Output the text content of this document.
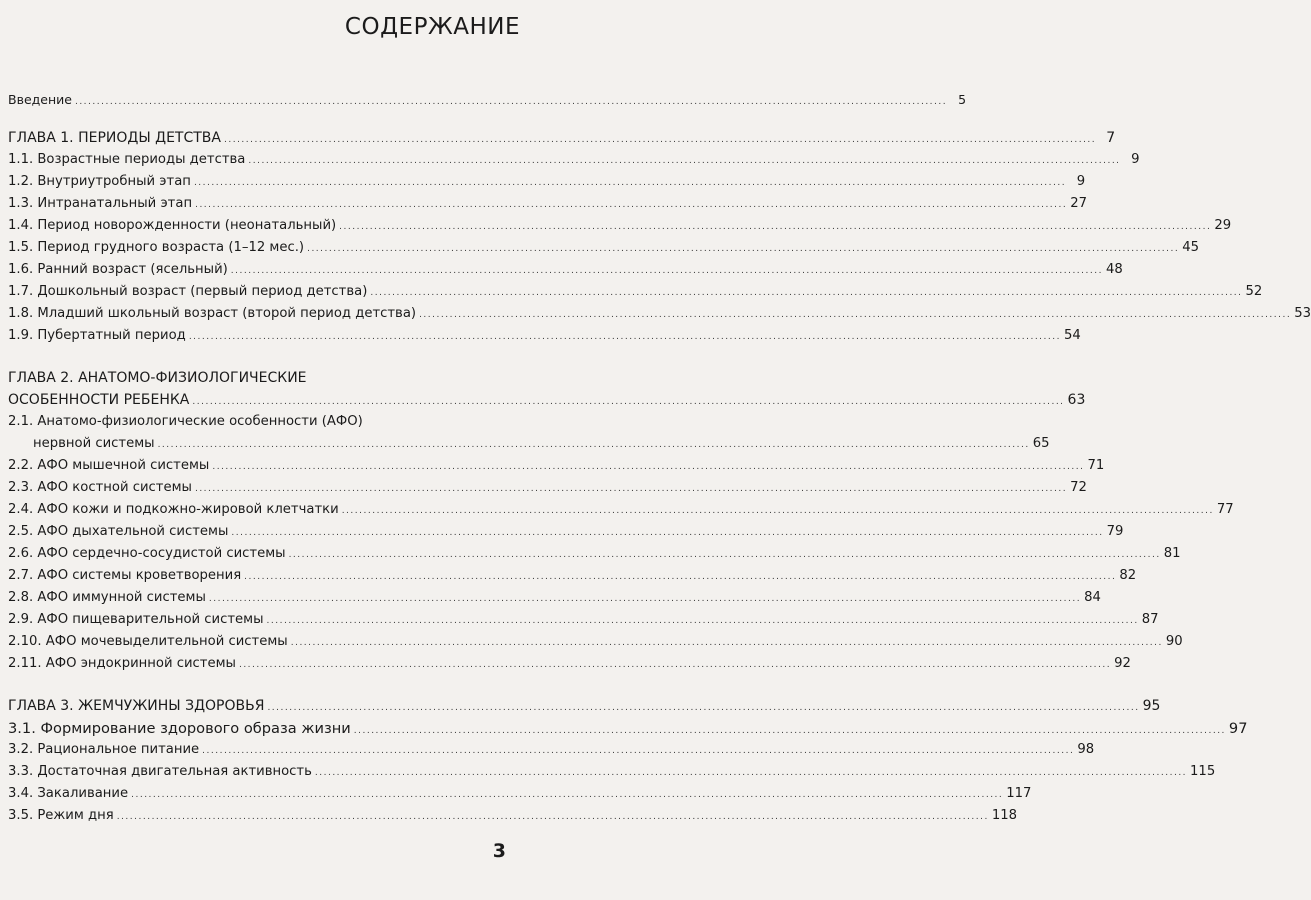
СОДЕРЖАНИЕ
Введение ........................................................................................................................................................................................................ 5
ГЛАВА 1. ПЕРИОДЫ ДЕТСТВА ........................................................................................................................................................................................................ 7
1.1. Возрастные периоды детства ........................................................................................................................................................................................................ 9
1.2. Внутриутробный этап ........................................................................................................................................................................................................ 9
1.3. Интранатальный этап ........................................................................................................................................................................................................ 27
1.4. Период новорожденности (неонатальный) ........................................................................................................................................................................................................ 29
1.5. Период грудного возраста (1–12 мес.) ........................................................................................................................................................................................................ 45
1.6. Ранний возраст (ясельный) ........................................................................................................................................................................................................ 48
1.7. Дошкольный возраст (первый период детства) ........................................................................................................................................................................................................ 52
1.8. Младший школьный возраст (второй период детства) ........................................................................................................................................................................................................ 53
1.9. Пубертатный период ........................................................................................................................................................................................................ 54
ГЛАВА 2. АНАТОМО-ФИЗИОЛОГИЧЕСКИЕ
ОСОБЕННОСТИ РЕБЕНКА ........................................................................................................................................................................................................ 63
2.1. Анатомо-физиологические особенности (АФО)
нервной системы ........................................................................................................................................................................................................ 65
2.2. АФО мышечной системы ........................................................................................................................................................................................................ 71
2.3. АФО костной системы ........................................................................................................................................................................................................ 72
2.4. АФО кожи и подкожно-жировой клетчатки ........................................................................................................................................................................................................ 77
2.5. АФО дыхательной системы ........................................................................................................................................................................................................ 79
2.6. АФО сердечно-сосудистой системы ........................................................................................................................................................................................................ 81
2.7. АФО системы кроветворения ........................................................................................................................................................................................................ 82
2.8. АФО иммунной системы ........................................................................................................................................................................................................ 84
2.9. АФО пищеварительной системы ........................................................................................................................................................................................................ 87
2.10. АФО мочевыделительной системы ........................................................................................................................................................................................................ 90
2.11. АФО эндокринной системы ........................................................................................................................................................................................................ 92
ГЛАВА 3. ЖЕМЧУЖИНЫ ЗДОРОВЬЯ ........................................................................................................................................................................................................ 95
3.1. Формирование здорового образа жизни ........................................................................................................................................................................................................ 97
3.2. Рациональное питание ........................................................................................................................................................................................................ 98
3.3. Достаточная двигательная активность ........................................................................................................................................................................................................ 115
3.4. Закаливание ........................................................................................................................................................................................................ 117
3.5. Режим дня ........................................................................................................................................................................................................ 118
3
